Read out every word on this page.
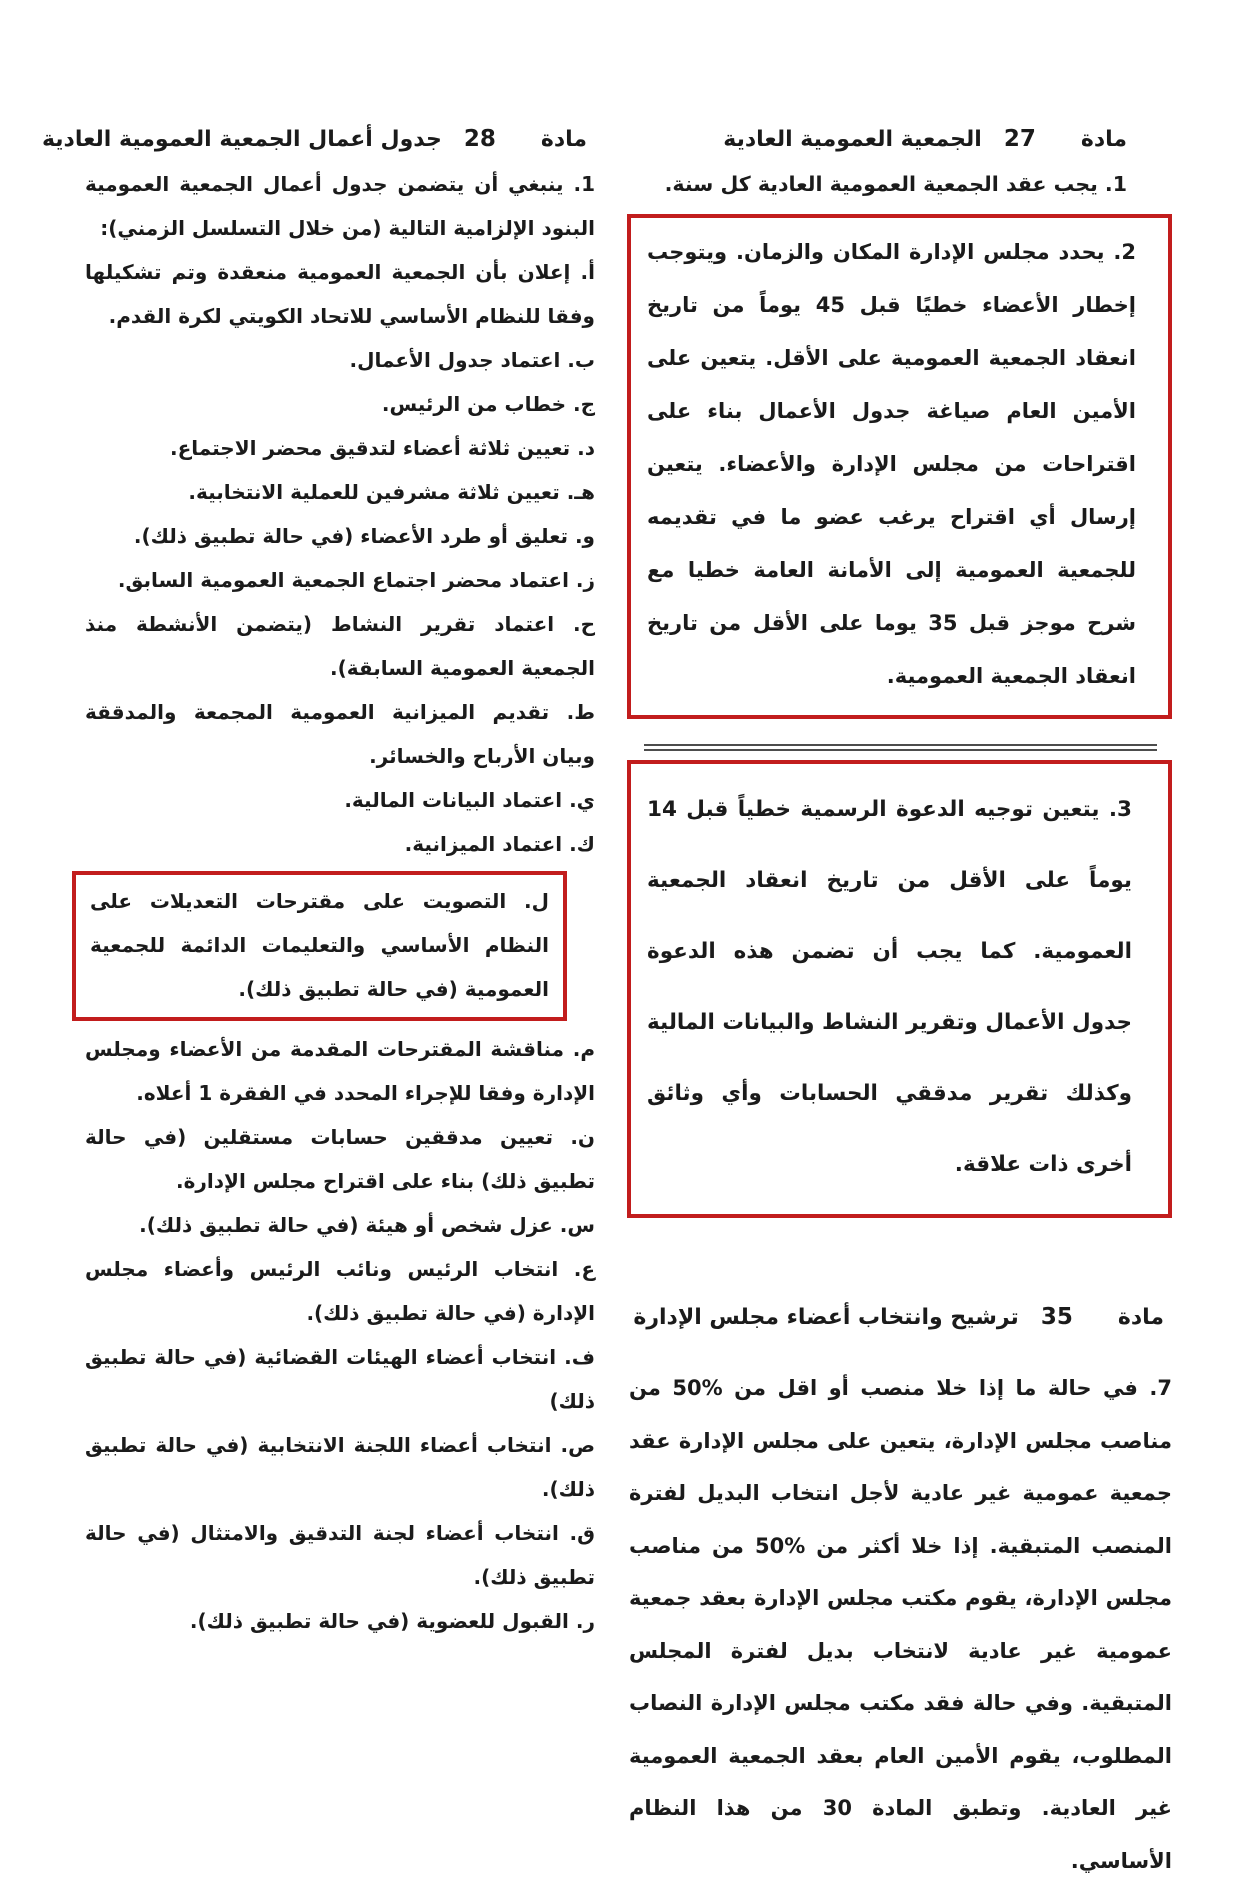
مادة
27
الجمعية العمومية العادية

1. يجب عقد الجمعية العمومية العادية كل سنة.

2. يحدد مجلس الإدارة المكان والزمان. ويتوجب إخطار الأعضاء خطيًا قبل 45 يوماً من تاريخ انعقاد الجمعية العمومية على الأقل. يتعين على الأمين العام صياغة جدول الأعمال بناء على اقتراحات من مجلس الإدارة والأعضاء. يتعين إرسال أي اقتراح يرغب عضو ما في تقديمه للجمعية العمومية إلى الأمانة العامة خطيا مع شرح موجز قبل 35 يوما على الأقل من تاريخ انعقاد الجمعية العمومية.

3. يتعين توجيه الدعوة الرسمية خطياً قبل 14 يوماً على الأقل من تاريخ انعقاد الجمعية العمومية. كما يجب أن تضمن هذه الدعوة جدول الأعمال وتقرير النشاط والبيانات المالية وكذلك تقرير مدققي الحسابات وأي وثائق أخرى ذات علاقة.

مادة
35
ترشيح وانتخاب أعضاء مجلس الإدارة

7. في حالة ما إذا خلا منصب أو اقل من %50 من مناصب مجلس الإدارة، يتعين على مجلس الإدارة عقد جمعية عمومية غير عادية لأجل انتخاب البديل لفترة المنصب المتبقية. إذا خلا أكثر من %50 من مناصب مجلس الإدارة، يقوم مكتب مجلس الإدارة بعقد جمعية عمومية غير عادية لانتخاب بديل لفترة المجلس المتبقية. وفي حالة فقد مكتب مجلس الإدارة النصاب المطلوب، يقوم الأمين العام بعقد الجمعية العمومية غير العادية. وتطبق المادة 30 من هذا النظام الأساسي.

مادة
28
جدول أعمال الجمعية العمومية العادية

1. ينبغي أن يتضمن جدول أعمال الجمعية العمومية البنود الإلزامية التالية (من خلال التسلسل الزمني):

أ. إعلان بأن الجمعية العمومية منعقدة وتم تشكيلها وفقا للنظام الأساسي للاتحاد الكويتي لكرة القدم.

ب. اعتماد جدول الأعمال.

ج. خطاب من الرئيس.

د. تعيين ثلاثة أعضاء لتدقيق محضر الاجتماع.

هـ. تعيين ثلاثة مشرفين للعملية الانتخابية.

و. تعليق أو طرد الأعضاء (في حالة تطبيق ذلك).

ز. اعتماد محضر اجتماع الجمعية العمومية السابق.

ح. اعتماد تقرير النشاط (يتضمن الأنشطة منذ الجمعية العمومية السابقة).

ط. تقديم الميزانية العمومية المجمعة والمدققة وبيان الأرباح والخسائر.

ي. اعتماد البيانات المالية.

ك. اعتماد الميزانية.

ل. التصويت على مقترحات التعديلات على النظام الأساسي والتعليمات الدائمة للجمعية العمومية (في حالة تطبيق ذلك).

م. مناقشة المقترحات المقدمة من الأعضاء ومجلس الإدارة وفقا للإجراء المحدد في الفقرة 1 أعلاه.

ن. تعيين مدققين حسابات مستقلين (في حالة تطبيق ذلك) بناء على اقتراح مجلس الإدارة.

س. عزل شخص أو هيئة (في حالة تطبيق ذلك).

ع. انتخاب الرئيس ونائب الرئيس وأعضاء مجلس الإدارة (في حالة تطبيق ذلك).

ف. انتخاب أعضاء الهيئات القضائية (في حالة تطبيق ذلك)

ص. انتخاب أعضاء اللجنة الانتخابية (في حالة تطبيق ذلك).

ق. انتخاب أعضاء لجنة التدقيق والامتثال (في حالة تطبيق ذلك).

ر. القبول للعضوية (في حالة تطبيق ذلك).
